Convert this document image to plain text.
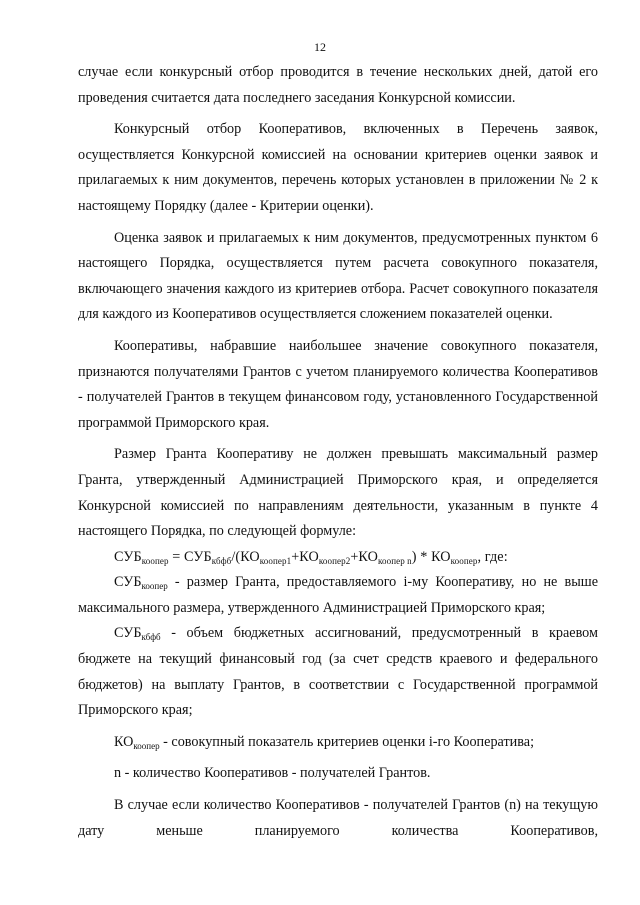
12

случае если конкурсный отбор проводится в течение нескольких дней, датой его проведения считается дата последнего заседания Конкурсной комиссии.

Конкурсный отбор Кооперативов, включенных в Перечень заявок, осуществляется Конкурсной комиссией на основании критериев оценки заявок и прилагаемых к ним документов, перечень которых установлен в приложении № 2 к настоящему Порядку (далее - Критерии оценки).

Оценка заявок и прилагаемых к ним документов, предусмотренных пунктом 6 настоящего Порядка, осуществляется путем расчета совокупного показателя, включающего значения каждого из критериев отбора. Расчет совокупного показателя для каждого из Кооперативов осуществляется сложением показателей оценки.

Кооперативы, набравшие наибольшее значение совокупного показателя, признаются получателями Грантов с учетом планируемого количества Кооперативов - получателей Грантов в текущем финансовом году, установленного Государственной программой Приморского края.

Размер Гранта Кооперативу не должен превышать максимальный размер Гранта, утвержденный Администрацией Приморского края, и определяется Конкурсной комиссией по направлениям деятельности, указанным в пункте 4 настоящего Порядка, по следующей формуле:

$СУБ_{коопер} = СУБ_{кбфб}/(КО_{коопер1}+КО_{коопер2}+КО_{коопер n}) * КО_{коопер}$, где:

$СУБ_{коопер}$ - размер Гранта, предоставляемого i-му Кооперативу, но не выше максимального размера, утвержденного Администрацией Приморского края;

$СУБ_{кбфб}$ - объем бюджетных ассигнований, предусмотренный в краевом бюджете на текущий финансовый год (за счет средств краевого и федерального бюджетов) на выплату Грантов, в соответствии с Государственной программой Приморского края;

$КО_{коопер}$ - совокупный показатель критериев оценки i-го Кооператива;

n - количество Кооперативов - получателей Грантов.

В случае если количество Кооперативов - получателей Грантов (n) на текущую дату меньше планируемого количества Кооперативов,
